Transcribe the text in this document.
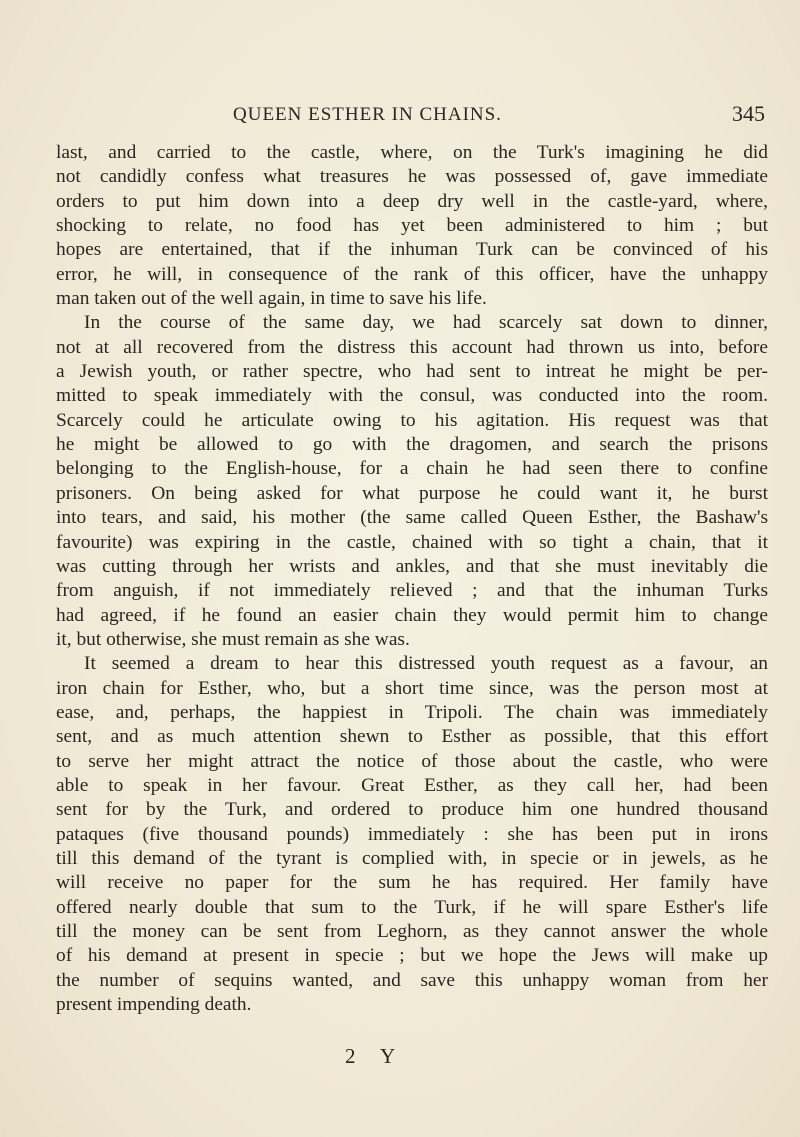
QUEEN ESTHER IN CHAINS.	345
last, and carried to the castle, where, on the Turk's imagining he did
not candidly confess what treasures he was possessed of, gave immediate
orders to put him down into a deep dry well in the castle-yard, where,
shocking to relate, no food has yet been administered to him ; but
hopes are entertained, that if the inhuman Turk can be convinced of his
error, he will, in consequence of the rank of this officer, have the unhappy
man taken out of the well again, in time to save his life.
In the course of the same day, we had scarcely sat down to dinner,
not at all recovered from the distress this account had thrown us into, before
a Jewish youth, or rather spectre, who had sent to intreat he might be per-
mitted to speak immediately with the consul, was conducted into the room.
Scarcely could he articulate owing to his agitation. His request was that
he might be allowed to go with the dragomen, and search the prisons
belonging to the English-house, for a chain he had seen there to confine
prisoners. On being asked for what purpose he could want it, he burst
into tears, and said, his mother (the same called Queen Esther, the Bashaw's
favourite) was expiring in the castle, chained with so tight a chain, that it
was cutting through her wrists and ankles, and that she must inevitably die
from anguish, if not immediately relieved ; and that the inhuman Turks
had agreed, if he found an easier chain they would permit him to change
it, but otherwise, she must remain as she was.
It seemed a dream to hear this distressed youth request as a favour, an
iron chain for Esther, who, but a short time since, was the person most at
ease, and, perhaps, the happiest in Tripoli. The chain was immediately
sent, and as much attention shewn to Esther as possible, that this effort
to serve her might attract the notice of those about the castle, who were
able to speak in her favour. Great Esther, as they call her, had been
sent for by the Turk, and ordered to produce him one hundred thousand
pataques (five thousand pounds) immediately : she has been put in irons
till this demand of the tyrant is complied with, in specie or in jewels, as he
will receive no paper for the sum he has required. Her family have
offered nearly double that sum to the Turk, if he will spare Esther's life
till the money can be sent from Leghorn, as they cannot answer the whole
of his demand at present in specie ; but we hope the Jews will make up
the number of sequins wanted, and save this unhappy woman from her
present impending death.
2 Y
